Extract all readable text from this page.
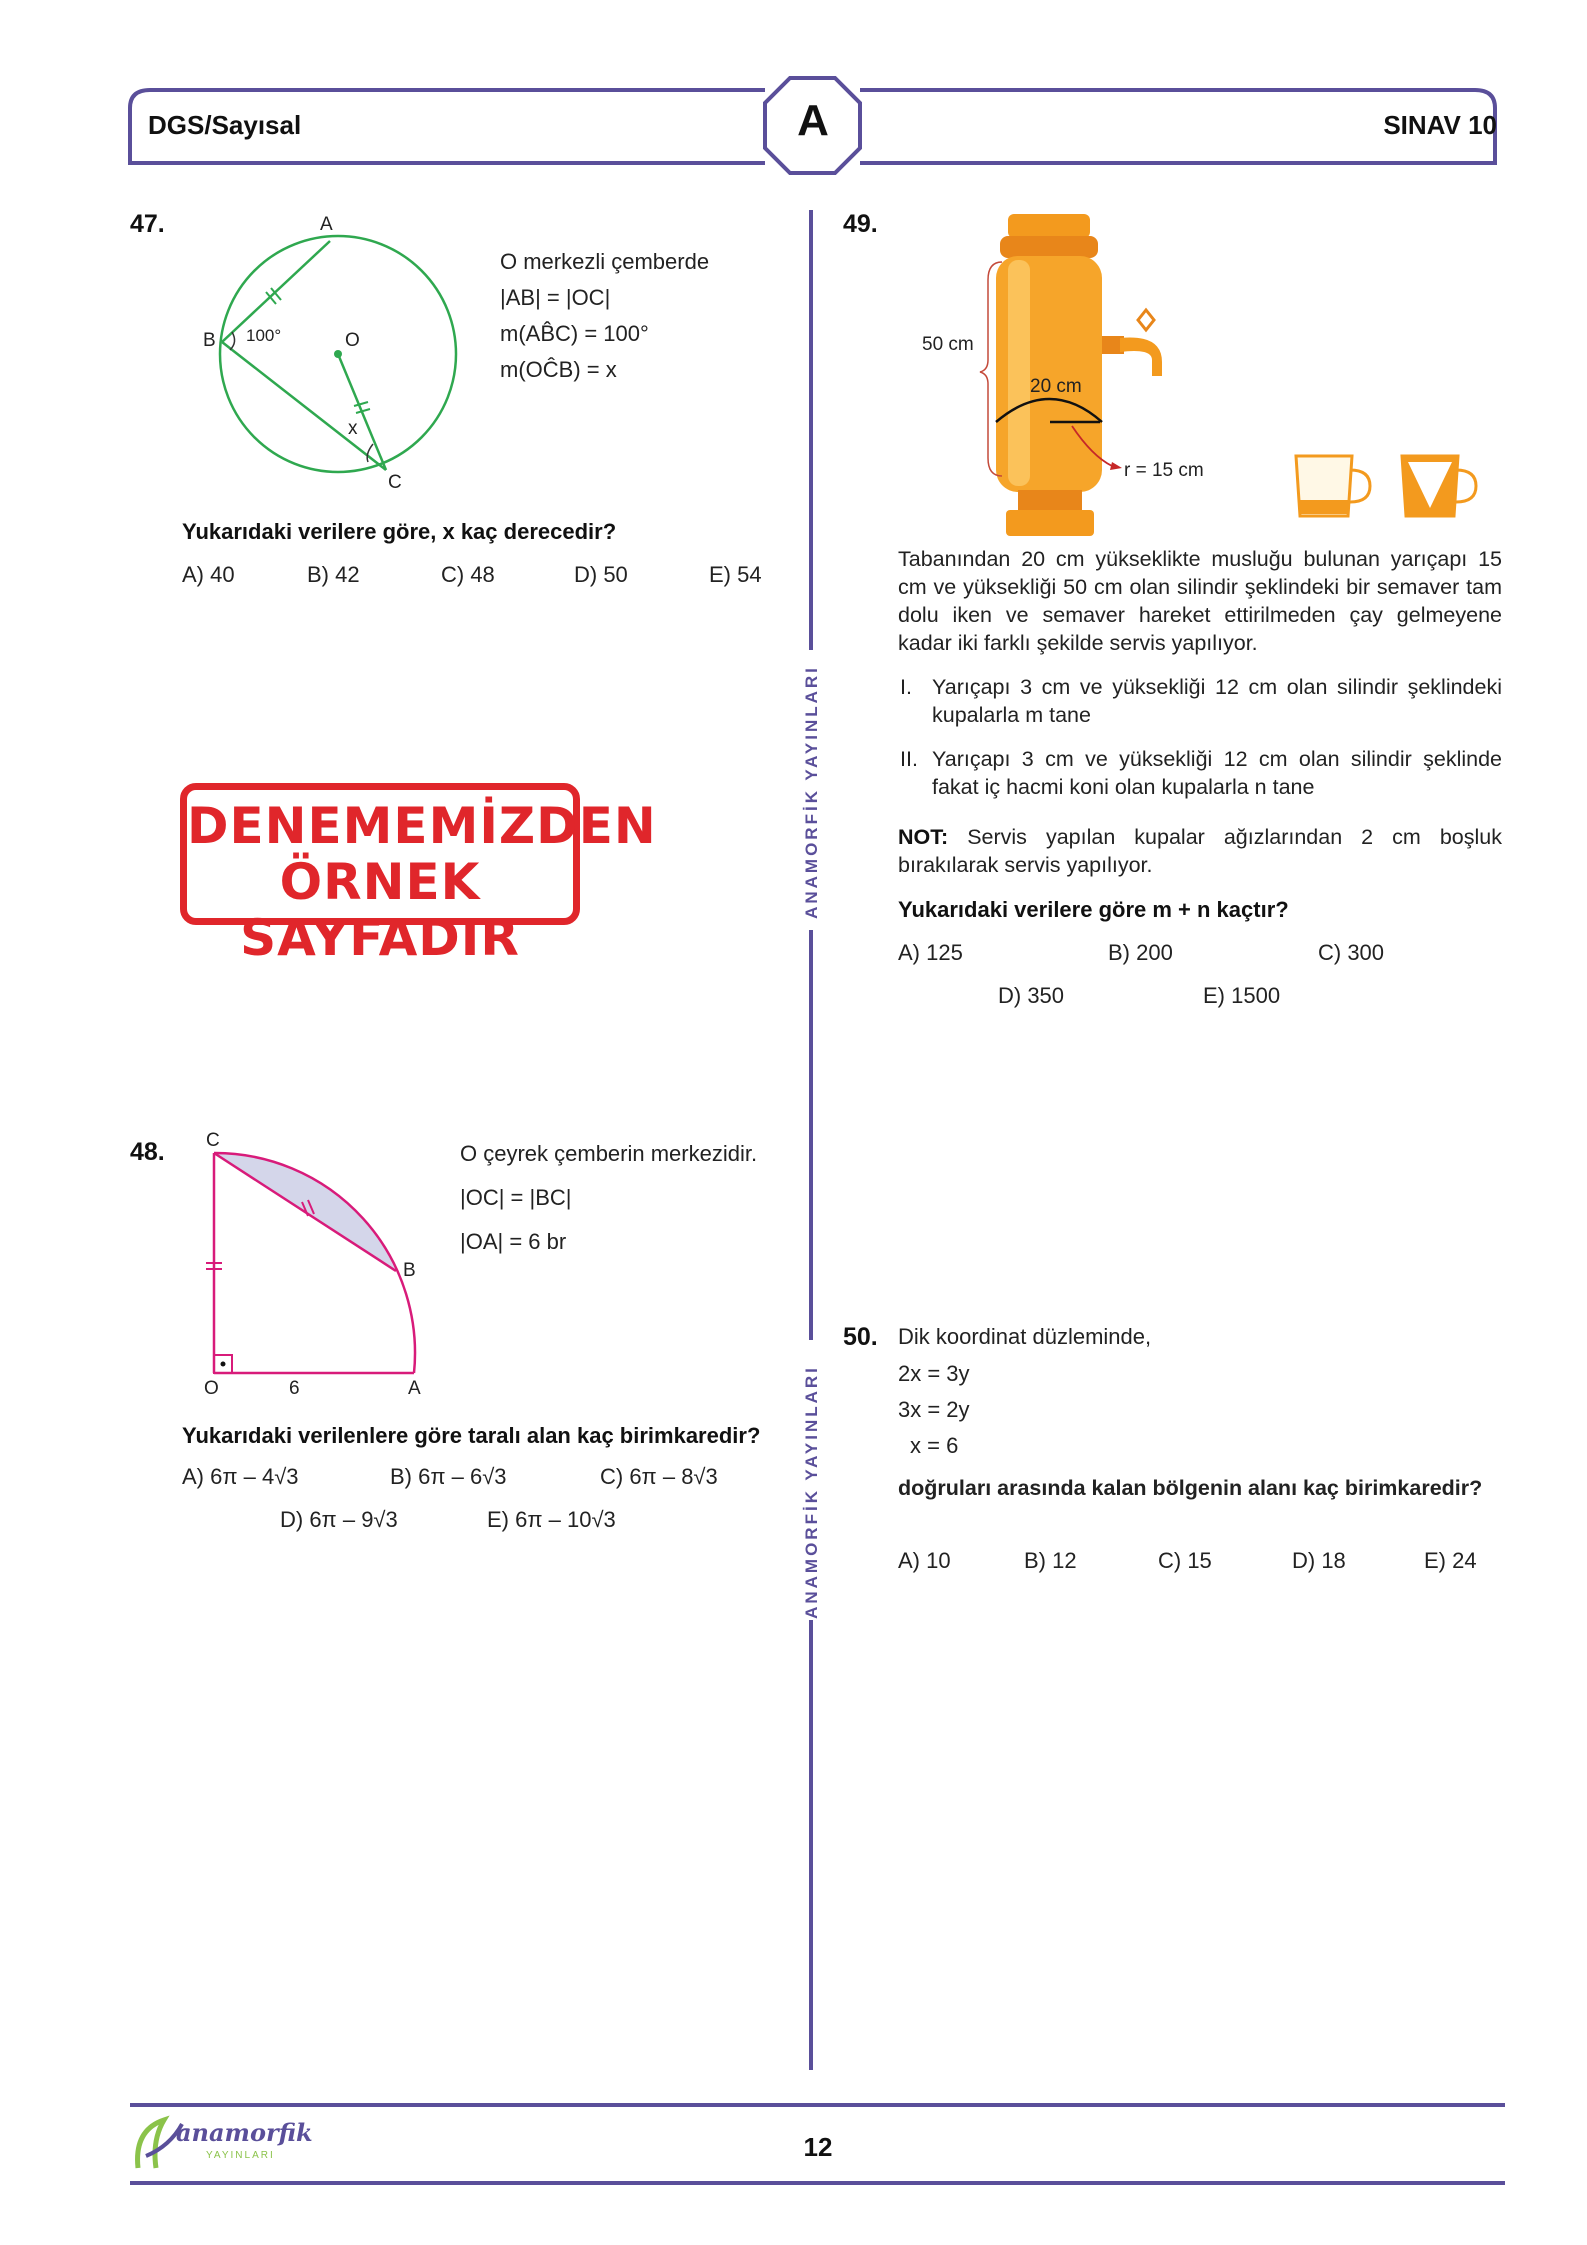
DGS/Sayısal	A	SINAV 10
ANAMORFİK YAYINLARI
ANAMORFİK YAYINLARI
47.	A
B
C
O
100°
x
O merkezli çemberde
|AB| = |OC|
m(AB̂C) = 100°
m(OĈB) = x
Yukarıdaki verilere göre, x kaç derecedir?
A) 40	B) 42	C) 48	D) 50	E) 54
DENEMEMİZDEN
ÖRNEK SAYFADIR
48. C
B
O	6	A
O çeyrek çemberin merkezidir.
|OC| = |BC|
|OA| = 6 br
Yukarıdaki verilenlere göre taralı alan kaç birimkaredir?
A) 6π – 4√3	B) 6π – 6√3	C) 6π – 8√3
D) 6π – 9√3	E) 6π – 10√3
49.
50 cm
20 cm
r = 15 cm
Tabanından 20 cm yükseklikte musluğu bulunan yarıçapı 15 cm ve yüksekliği 50 cm olan silindir şeklindeki bir semaver tam dolu iken ve semaver hareket ettirilmeden çay gelmeyene kadar iki farklı şekilde servis yapılıyor.
I. Yarıçapı 3 cm ve yüksekliği 12 cm olan silindir şeklindeki kupalarla m tane
II. Yarıçapı 3 cm ve yüksekliği 12 cm olan silindir şeklinde fakat iç hacmi koni olan kupalarla n tane
NOT: Servis yapılan kupalar ağızlarından 2 cm boşluk bırakılarak servis yapılıyor.
Yukarıdaki verilere göre m + n kaçtır?
A) 125	B) 200	C) 300
D) 350	E) 1500
50. Dik koordinat düzleminde,
2x = 3y
3x = 2y
x = 6
doğruları arasında kalan bölgenin alanı kaç birimkaredir?
A) 10	B) 12	C) 15	D) 18	E) 24
anamorfik
YAYINLARI	12
